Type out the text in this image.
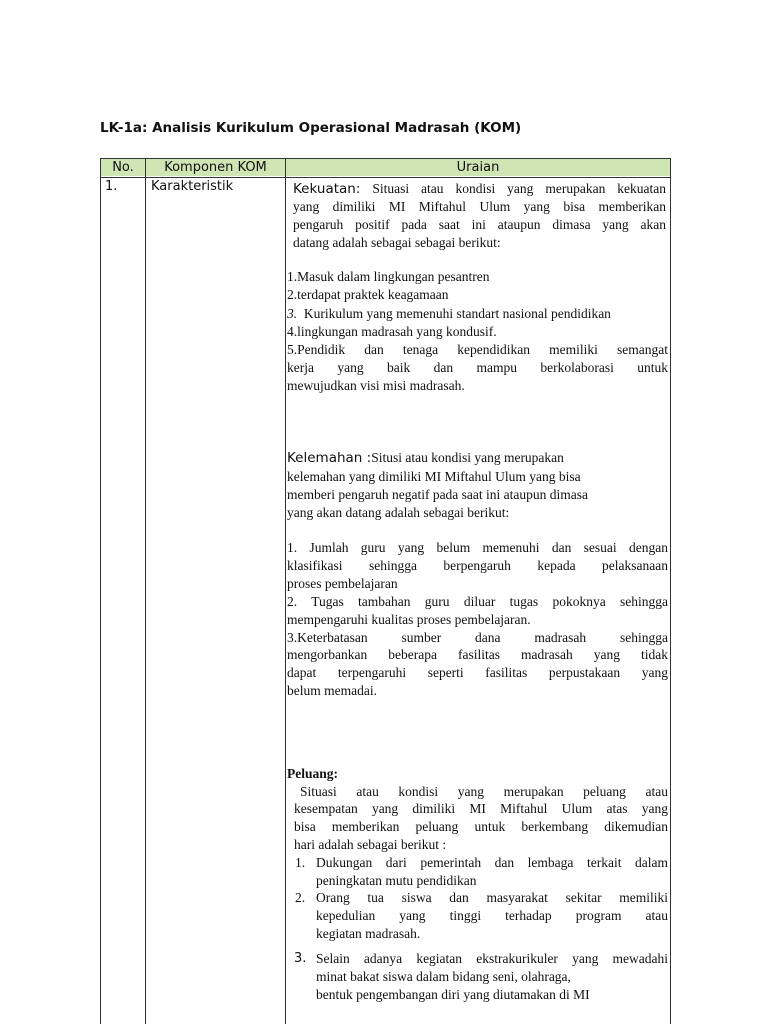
LK-1a: Analisis Kurikulum Operasional Madrasah (KOM)
No.	Komponen KOM	Uraian
1.	Karakteristik	Kekuatan: Situasi atau kondisi yang merupakan kekuatan
yang dimiliki MI Miftahul Ulum yang bisa memberikan
pengaruh positif pada saat ini ataupun dimasa yang akan
datang adalah sebagai sebagai berikut:
1.Masuk dalam lingkungan pesantren
2.terdapat praktek keagamaan
3. Kurikulum yang memenuhi standart nasional pendidikan
4.lingkungan madrasah yang kondusif.
5.Pendidik dan tenaga kependidikan memiliki semangat
kerja yang baik dan mampu berkolaborasi untuk
mewujudkan visi misi madrasah.
Kelemahan :Situsi atau kondisi yang merupakan
kelemahan yang dimiliki MI Miftahul Ulum yang bisa
memberi pengaruh negatif pada saat ini ataupun dimasa
yang akan datang adalah sebagai berikut:
1. Jumlah guru yang belum memenuhi dan sesuai dengan
klasifikasi sehingga berpengaruh kepada pelaksanaan
proses pembelajaran
2. Tugas tambahan guru diluar tugas pokoknya sehingga
mempengaruhi kualitas proses pembelajaran.
3.Keterbatasan sumber dana madrasah sehingga
mengorbankan beberapa fasilitas madrasah yang tidak
dapat terpengaruhi seperti fasilitas perpustakaan yang
belum memadai.
Peluang:
Situasi atau kondisi yang merupakan peluang atau
kesempatan yang dimiliki MI Miftahul Ulum atas yang
bisa memberikan peluang untuk berkembang dikemudian
hari adalah sebagai berikut :
1. Dukungan dari pemerintah dan lembaga terkait dalam
peningkatan mutu pendidikan
2. Orang tua siswa dan masyarakat sekitar memiliki
kepedulian yang tinggi terhadap program atau
kegiatan madrasah.
3. Selain adanya kegiatan ekstrakurikuler yang mewadahi
minat bakat siswa dalam bidang seni, olahraga,
bentuk pengembangan diri yang diutamakan di MI
